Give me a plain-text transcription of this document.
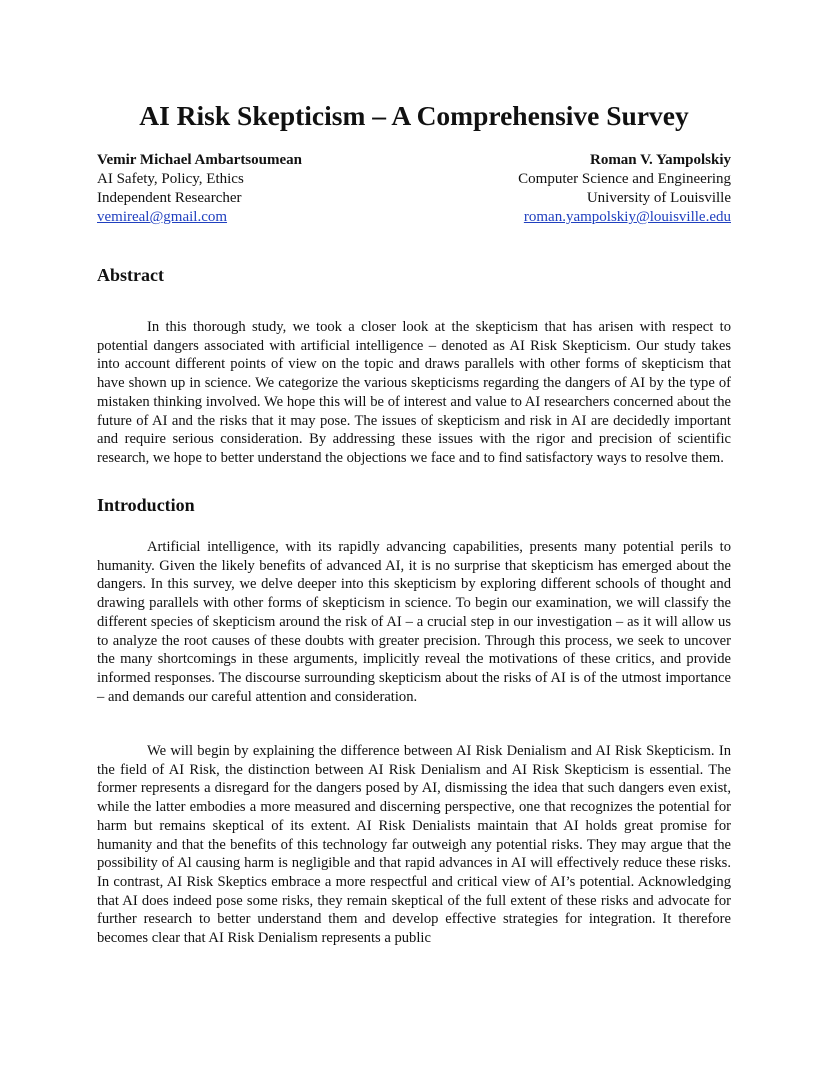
AI Risk Skepticism – A Comprehensive Survey
Vemir Michael Ambartsoumean
AI Safety, Policy, Ethics
Independent Researcher
vemireal@gmail.com
Roman V. Yampolskiy
Computer Science and Engineering
University of Louisville
roman.yampolskiy@louisville.edu
Abstract

In this thorough study, we took a closer look at the skepticism that has arisen with respect to potential dangers associated with artificial intelligence – denoted as AI Risk Skepticism. Our study takes into account different points of view on the topic and draws parallels with other forms of skepticism that have shown up in science. We categorize the various skepticisms regarding the dangers of AI by the type of mistaken thinking involved. We hope this will be of interest and value to AI researchers concerned about the future of AI and the risks that it may pose. The issues of skepticism and risk in AI are decidedly important and require serious consideration. By addressing these issues with the rigor and precision of scientific research, we hope to better understand the objections we face and to find satisfactory ways to resolve them.

Introduction

Artificial intelligence, with its rapidly advancing capabilities, presents many potential perils to humanity. Given the likely benefits of advanced AI, it is no surprise that skepticism has emerged about the dangers. In this survey, we delve deeper into this skepticism by exploring different schools of thought and drawing parallels with other forms of skepticism in science. To begin our examination, we will classify the different species of skepticism around the risk of AI – a crucial step in our investigation – as it will allow us to analyze the root causes of these doubts with greater precision. Through this process, we seek to uncover the many shortcomings in these arguments, implicitly reveal the motivations of these critics, and provide informed responses. The discourse surrounding skepticism about the risks of AI is of the utmost importance – and demands our careful attention and consideration.

We will begin by explaining the difference between AI Risk Denialism and AI Risk Skepticism. In the field of AI Risk, the distinction between AI Risk Denialism and AI Risk Skepticism is essential. The former represents a disregard for the dangers posed by AI, dismissing the idea that such dangers even exist, while the latter embodies a more measured and discerning perspective, one that recognizes the potential for harm but remains skeptical of its extent. AI Risk Denialists maintain that AI holds great promise for humanity and that the benefits of this technology far outweigh any potential risks. They may argue that the possibility of Al causing harm is negligible and that rapid advances in AI will effectively reduce these risks. In contrast, AI Risk Skeptics embrace a more respectful and critical view of AI’s potential. Acknowledging that AI does indeed pose some risks, they remain skeptical of the full extent of these risks and advocate for further research to better understand them and develop effective strategies for integration. It therefore becomes clear that AI Risk Denialism represents a public
